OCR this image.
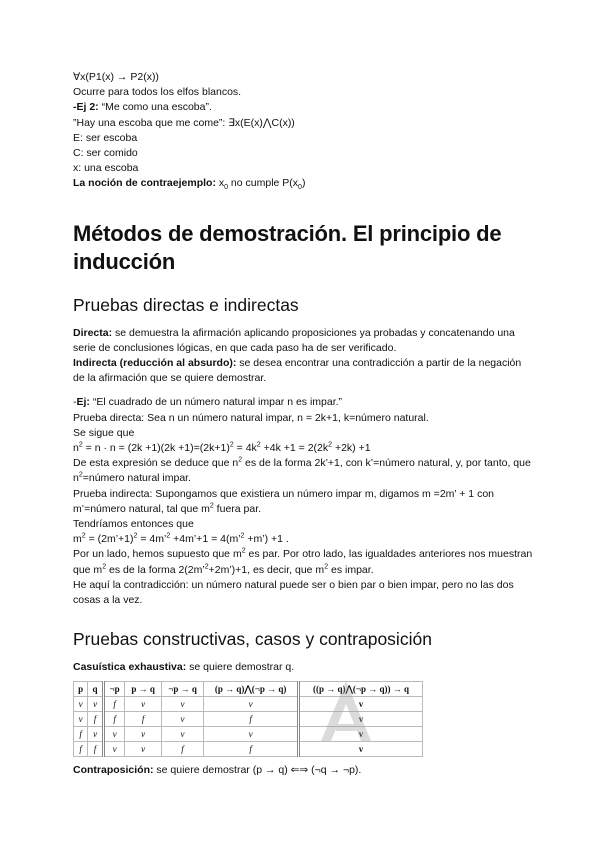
∀x(P1(x) → P2(x))

Ocurre para todos los elfos blancos.

-Ej 2: “Me como una escoba”.

”Hay una escoba que me come”: ∃x(E(x)⋀C(x))

E: ser escoba

C: ser comido

x: una escoba

La noción de contraejemplo: $x_0$ no cumple $P(x_0)$

Métodos de demostración. El principio de inducción
Pruebas directas e indirectas

Directa: se demuestra la afirmación aplicando proposiciones ya probadas y concatenando una serie de conclusiones lógicas, en que cada paso ha de ser verificado.

Indirecta (reducción al absurdo): se desea encontrar una contradicción a partir de la negación de la afirmación que se quiere demostrar.

-Ej: “El cuadrado de un número natural impar n es impar.”

Prueba directa: Sea n un número natural impar, n = 2k+1, k=número natural.

Se sigue que

$n^2 = n \cdot n = (2k +1)(2k +1)=(2k+1)^2 = 4k^2 +4k +1 = 2(2k^2 +2k) +1$

De esta expresión se deduce que $n^2$ es de la forma 2k’+1, con k’=número natural, y, por tanto, que $n^2=número$ natural impar.

Prueba indirecta: Supongamos que existiera un número impar m, digamos m =2m’ + 1 con m’=número natural, tal que $m^2$ fuera par.

Tendríamos entonces que

$m^2$ = (2m’+1)$^2$ = 4m’$^2$ +4m’+1 = 4(m’$^2$ +m’) +1 .

Por un lado, hemos supuesto que $m^2$ es par. Por otro lado, las igualdades anteriores nos muestran que $m^2$ es de la forma 2(2m’$^2$+2m’)+1, es decir, que $m^2$ es impar.

He aquí la contradicción: un número natural puede ser o bien par o bien impar, pero no las dos cosas a la vez.

Pruebas constructivas, casos y contraposición

Casuística exhaustiva: se quiere demostrar q.

p	q	¬p	p → q	¬p → q	(p → q)⋀(¬p → q)	((p → q)⋀(¬p → q)) → q
v	v	f	v	v	v	v
v	f	f	f	v	f	v
f	v	v	v	v	v	v
f	f	v	v	f	f	v

Contraposición: se quiere demostrar (p → q) ⇐⇒ (¬q → ¬p).
